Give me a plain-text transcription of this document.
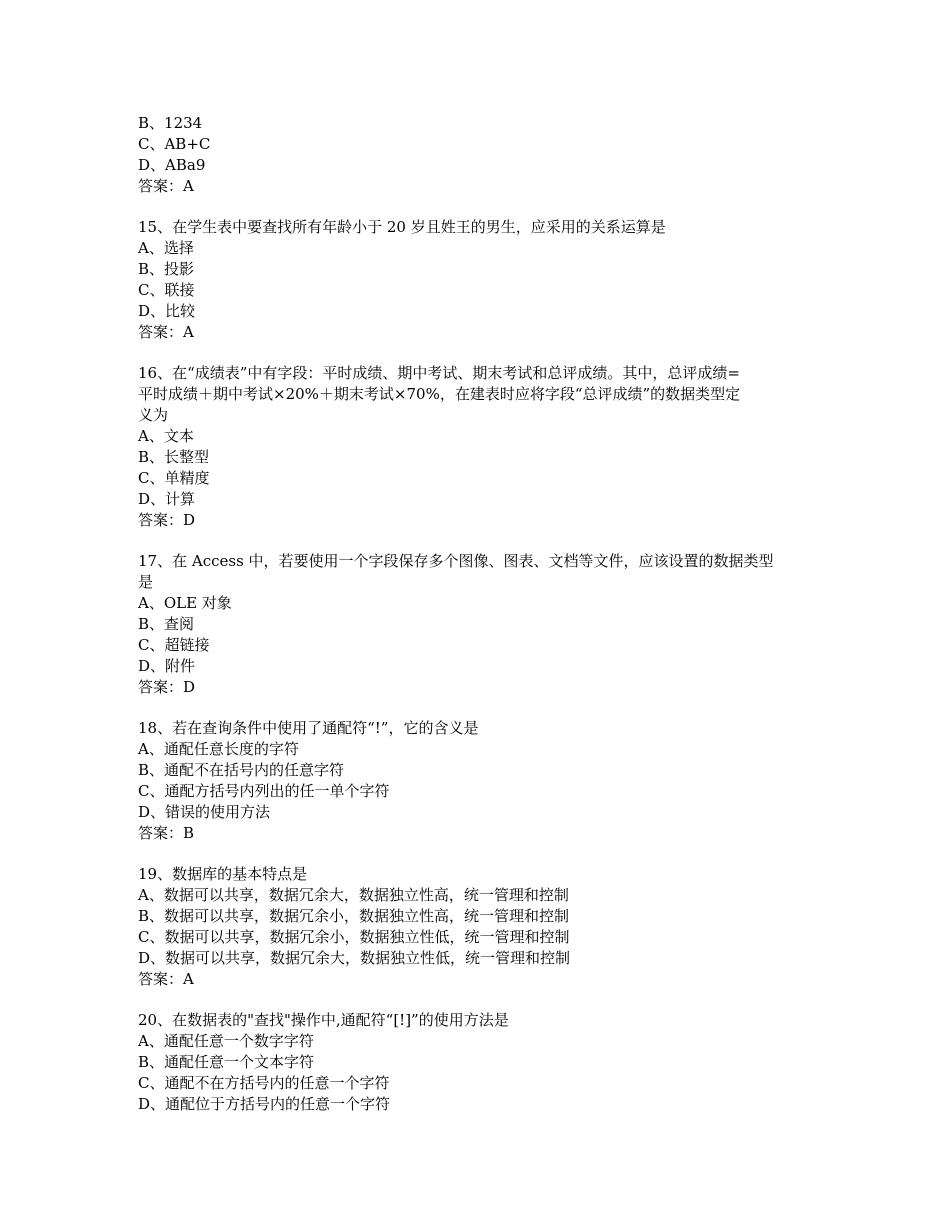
B、1234
C、AB+C
D、ABa9
答案：A
15、在学生表中要查找所有年龄小于 20 岁且姓王的男生，应采用的关系运算是
A、选择
B、投影
C、联接
D、比较
答案：A
16、在“成绩表”中有字段：平时成绩、期中考试、期末考试和总评成绩。其中，总评成绩=
平时成绩＋期中考试×20%＋期末考试×70%，在建表时应将字段“总评成绩”的数据类型定
义为
A、文本
B、长整型
C、单精度
D、计算
答案：D
17、在 Access 中，若要使用一个字段保存多个图像、图表、文档等文件，应该设置的数据类型
是
A、OLE 对象
B、查阅
C、超链接
D、附件
答案：D
18、若在查询条件中使用了通配符“!”，它的含义是
A、通配任意长度的字符
B、通配不在括号内的任意字符
C、通配方括号内列出的任一单个字符
D、错误的使用方法
答案：B
19、数据库的基本特点是
A、数据可以共享，数据冗余大，数据独立性高，统一管理和控制
B、数据可以共享，数据冗余小，数据独立性高，统一管理和控制
C、数据可以共享，数据冗余小，数据独立性低，统一管理和控制
D、数据可以共享，数据冗余大，数据独立性低，统一管理和控制
答案：A
20、在数据表的"查找"操作中,通配符“[!]”的使用方法是
A、通配任意一个数字字符
B、通配任意一个文本字符
C、通配不在方括号内的任意一个字符
D、通配位于方括号内的任意一个字符
